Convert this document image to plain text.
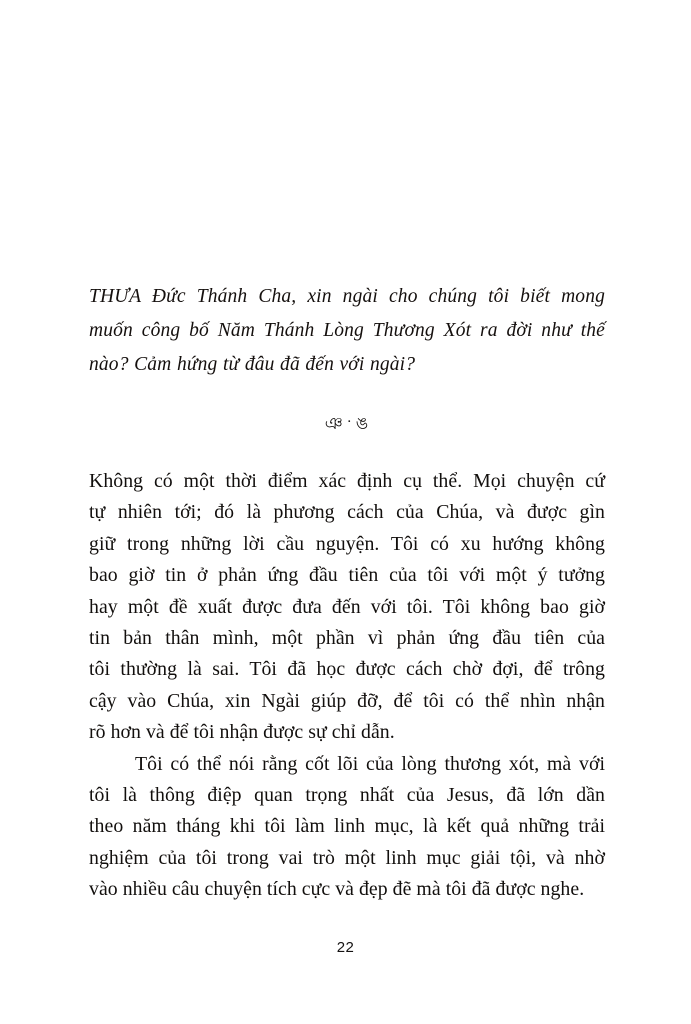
THƯA Đức Thánh Cha, xin ngài cho chúng tôi biết mong
muốn công bố Năm Thánh Lòng Thương Xót ra đời như thế
nào? Cảm hứng từ đâu đã đến với ngài?
ঞ · ঙ

Không có một thời điểm xác định cụ thể. Mọi chuyện cứ
tự nhiên tới; đó là phương cách của Chúa, và được gìn
giữ trong những lời cầu nguyện. Tôi có xu hướng không
bao giờ tin ở phản ứng đầu tiên của tôi với một ý tưởng
hay một đề xuất được đưa đến với tôi. Tôi không bao giờ
tin bản thân mình, một phần vì phản ứng đầu tiên của
tôi thường là sai. Tôi đã học được cách chờ đợi, để trông
cậy vào Chúa, xin Ngài giúp đỡ, để tôi có thể nhìn nhận
rõ hơn và để tôi nhận được sự chỉ dẫn.

Tôi có thể nói rằng cốt lõi của lòng thương xót, mà với
tôi là thông điệp quan trọng nhất của Jesus, đã lớn dần
theo năm tháng khi tôi làm linh mục, là kết quả những trải
nghiệm của tôi trong vai trò một linh mục giải tội, và nhờ
vào nhiều câu chuyện tích cực và đẹp đẽ mà tôi đã được nghe.

22
